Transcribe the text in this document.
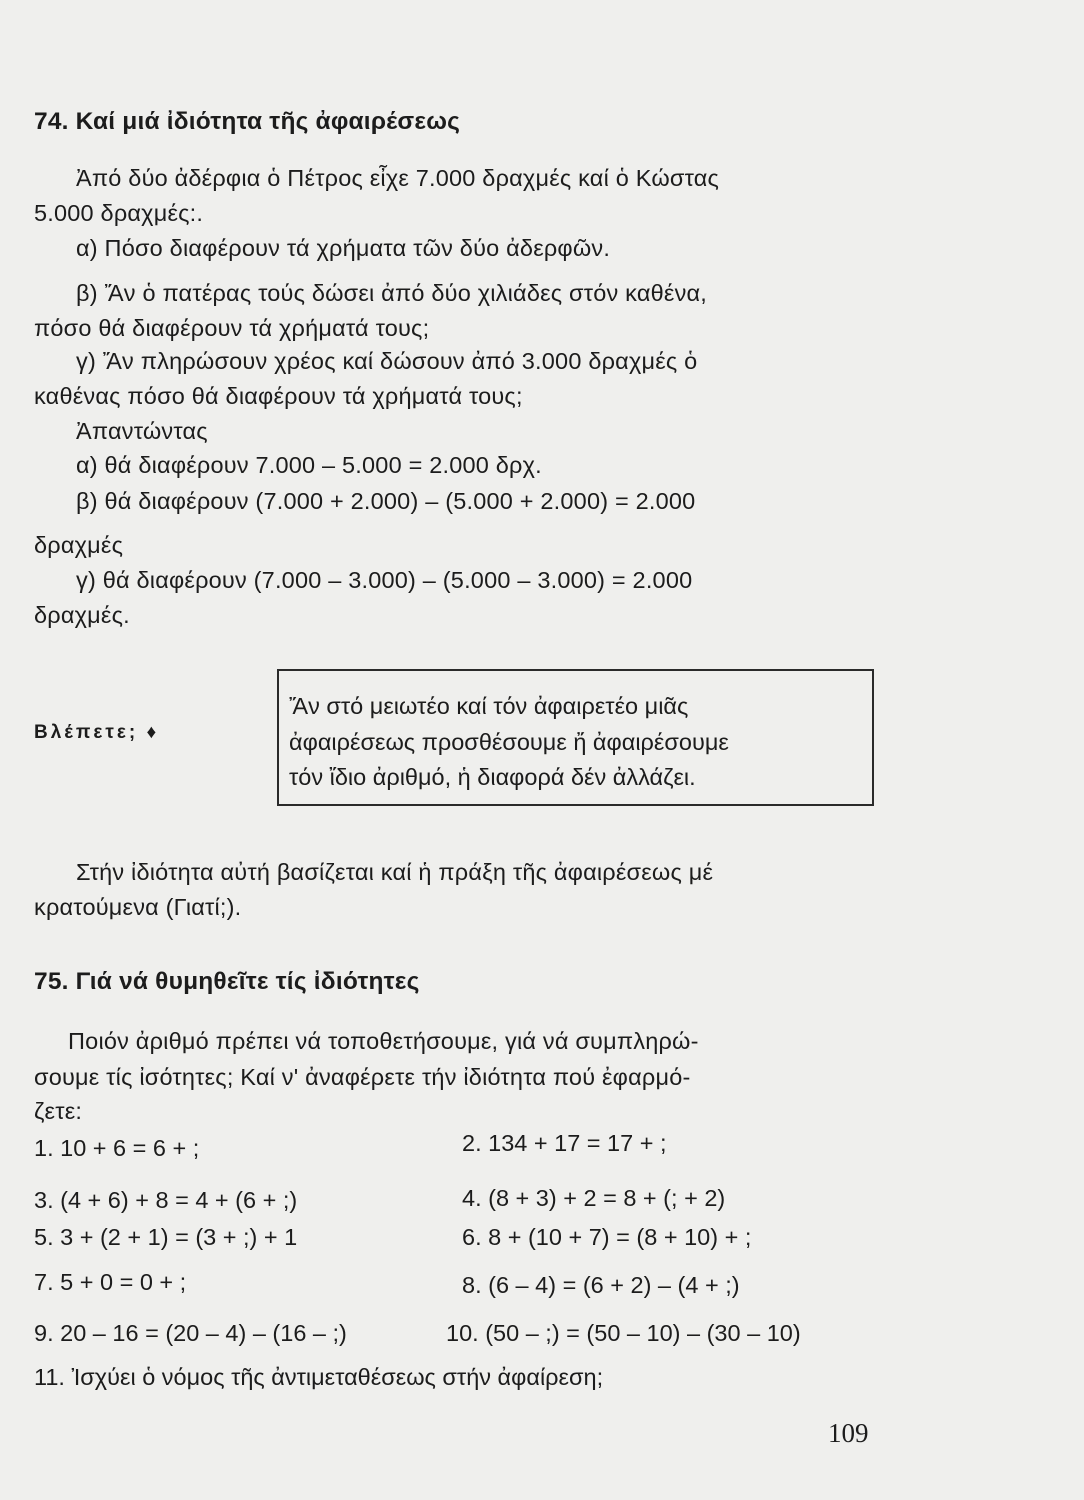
74. Καί μιά ἰδιότητα τῆς ἀφαιρέσεως
Ἀπό δύο ἀδέρφια ὁ Πέτρος εἶχε 7.000 δραχμές καί ὁ Κώστας
5.000 δραχμές:.
α) Πόσο διαφέρουν τά χρήματα τῶν δύο ἀδερφῶν.
β) Ἄν ὁ πατέρας τούς δώσει ἀπό δύο χιλιάδες στόν καθένα,
πόσο θά διαφέρουν τά χρήματά τους;
γ) Ἄν πληρώσουν χρέος καί δώσουν ἀπό 3.000 δραχμές ὁ
καθένας πόσο θά διαφέρουν τά χρήματά τους;
Ἀπαντώντας
α) θά διαφέρουν 7.000 – 5.000 = 2.000 δρχ.
β) θά διαφέρουν (7.000 + 2.000) – (5.000 + 2.000) = 2.000
δραχμές
γ) θά διαφέρουν (7.000 – 3.000) – (5.000 – 3.000) = 2.000
δραχμές.
Βλέπετε; ♦
Ἄν στό μειωτέο καί τόν ἀφαιρετέο μιᾶς
ἀφαιρέσεως προσθέσουμε ἤ ἀφαιρέσουμε
τόν ἴδιο ἀριθμό, ἡ διαφορά δέν ἀλλάζει.
Στήν ἰδιότητα αὐτή βασίζεται καί ἡ πράξη τῆς ἀφαιρέσεως μέ
κρατούμενα (Γιατί;).
75. Γιά νά θυμηθεῖτε τίς ἰδιότητες
Ποιόν ἀριθμό πρέπει νά τοποθετήσουμε, γιά νά συμπληρώ-
σουμε τίς ἰσότητες; Καί ν' ἀναφέρετε τήν ἰδιότητα πού ἐφαρμό-
ζετε:
1. 10 + 6 = 6 + ;	2. 134 + 17 = 17 + ;
3. (4 + 6) + 8 = 4 + (6 + ;)	4. (8 + 3) + 2 = 8 + (; + 2)
5. 3 + (2 + 1) = (3 + ;) + 1	6. 8 + (10 + 7) = (8 + 10) + ;
7. 5 + 0 = 0 + ;	8. (6 – 4) = (6 + 2) – (4 + ;)
9. 20 – 16 = (20 – 4) – (16 – ;)	10. (50 – ;) = (50 – 10) – (30 – 10)
11. Ἰσχύει ὁ νόμος τῆς ἀντιμεταθέσεως στήν ἀφαίρεση;
109
